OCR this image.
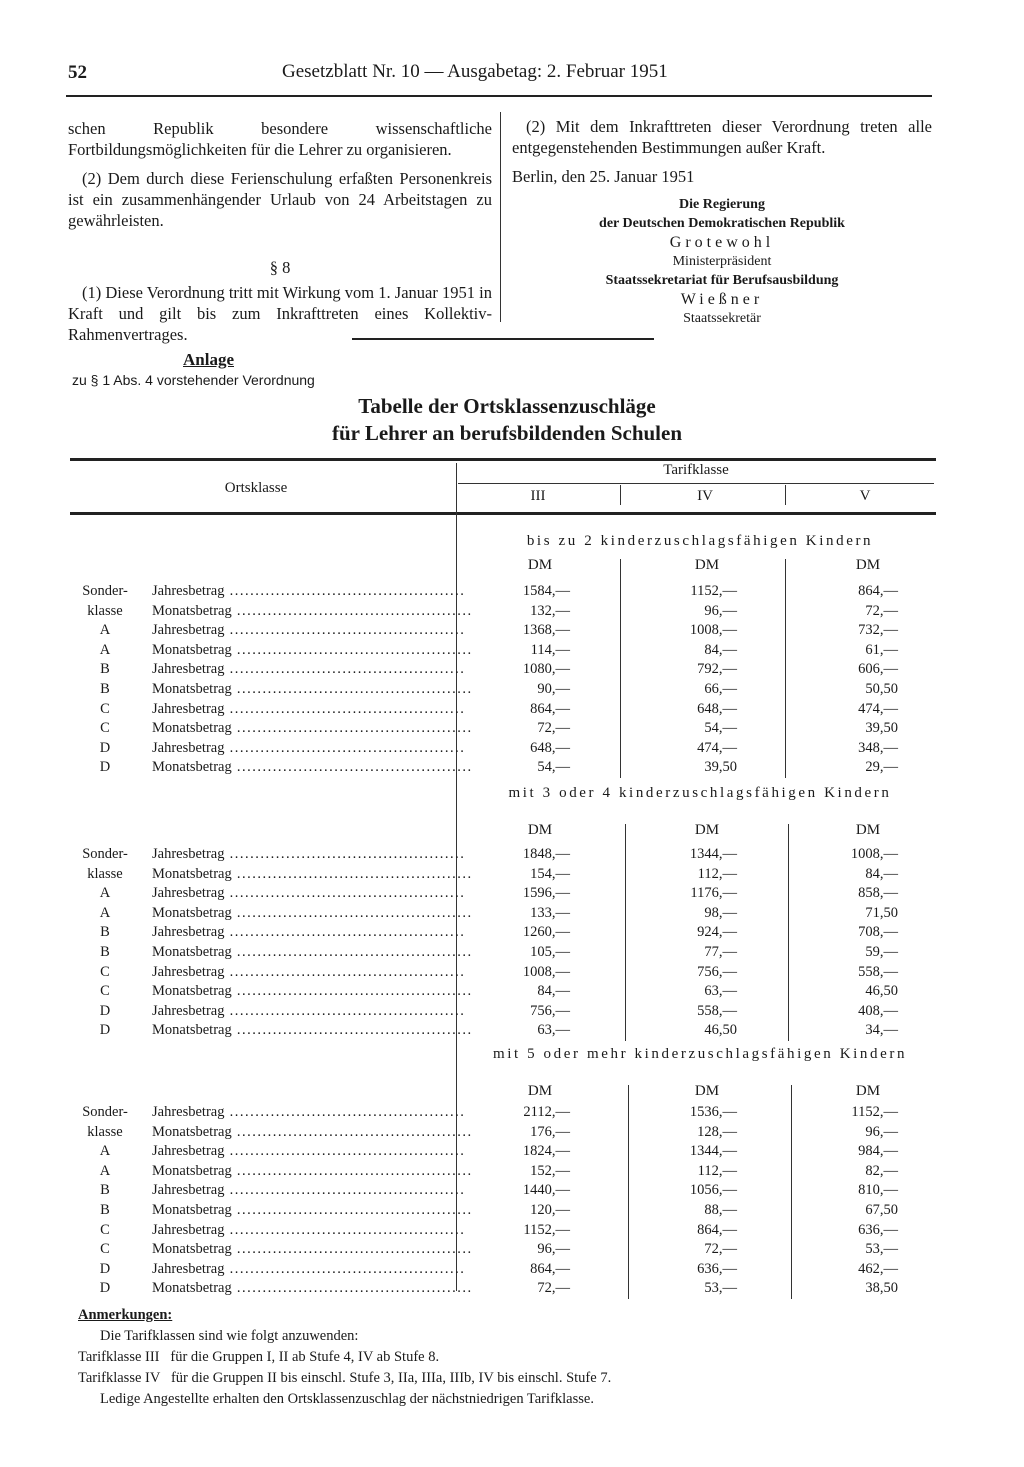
52	Gesetzblatt Nr. 10 — Ausgabetag: 2. Februar 1951

schen Republik besondere wissenschaftliche Fortbildungsmöglichkeiten für die Lehrer zu organisieren.

(2) Dem durch diese Ferienschulung erfaßten Personenkreis ist ein zusammenhängender Urlaub von 24 Arbeitstagen zu gewährleisten.

§ 8

(1) Diese Verordnung tritt mit Wirkung vom 1. Januar 1951 in Kraft und gilt bis zum Inkrafttreten eines Kollektiv-Rahmenvertrages.

(2) Mit dem Inkrafttreten dieser Verordnung treten alle entgegenstehenden Bestimmungen außer Kraft.

Berlin, den 25. Januar 1951

Die Regierung
der Deutschen Demokratischen Republik
Grotewohl
Ministerpräsident
Staatssekretariat für Berufsausbildung
Wießner
Staatssekretär
Anlage
zu § 1 Abs. 4 vorstehender Verordnung
Tabelle der Ortsklassenzuschläge
für Lehrer an berufsbildenden Schulen
Ortsklasse
Tarifklasse
III	IV	V
bis zu 2 kinderzuschlagsfähigen Kindern
DM	DM	DM
Sonder-	Jahresbetrag ..............................................	1584,—	1152,—	864,—
klasse	Monatsbetrag ..............................................	132,—	96,—	72,—
A	Jahresbetrag ..............................................	1368,—	1008,—	732,—
A	Monatsbetrag ..............................................	114,—	84,—	61,—
B	Jahresbetrag ..............................................	1080,—	792,—	606,—
B	Monatsbetrag ..............................................	90,—	66,—	50,50
C	Jahresbetrag ..............................................	864,—	648,—	474,—
C	Monatsbetrag ..............................................	72,—	54,—	39,50
D	Jahresbetrag ..............................................	648,—	474,—	348,—
D	Monatsbetrag ..............................................	54,—	39,50	29,—
mit 3 oder 4 kinderzuschlagsfähigen Kindern
DM	DM	DM
Sonder-	Jahresbetrag ..............................................	1848,—	1344,—	1008,—
klasse	Monatsbetrag ..............................................	154,—	112,—	84,—
A	Jahresbetrag ..............................................	1596,—	1176,—	858,—
A	Monatsbetrag ..............................................	133,—	98,—	71,50
B	Jahresbetrag ..............................................	1260,—	924,—	708,—
B	Monatsbetrag ..............................................	105,—	77,—	59,—
C	Jahresbetrag ..............................................	1008,—	756,—	558,—
C	Monatsbetrag ..............................................	84,—	63,—	46,50
D	Jahresbetrag ..............................................	756,—	558,—	408,—
D	Monatsbetrag ..............................................	63,—	46,50	34,—
mit 5 oder mehr kinderzuschlagsfähigen Kindern
DM	DM	DM
Sonder-	Jahresbetrag ..............................................	2112,—	1536,—	1152,—
klasse	Monatsbetrag ..............................................	176,—	128,—	96,—
A	Jahresbetrag ..............................................	1824,—	1344,—	984,—
A	Monatsbetrag ..............................................	152,—	112,—	82,—
B	Jahresbetrag ..............................................	1440,—	1056,—	810,—
B	Monatsbetrag ..............................................	120,—	88,—	67,50
C	Jahresbetrag ..............................................	1152,—	864,—	636,—
C	Monatsbetrag ..............................................	96,—	72,—	53,—
D	Jahresbetrag ..............................................	864,—	636,—	462,—
D	Monatsbetrag ..............................................	72,—	53,—	38,50
Anmerkungen:
Die Tarifklassen sind wie folgt anzuwenden:
Tarifklasse III   für die Gruppen I, II ab Stufe 4, IV ab Stufe 8.
Tarifklasse IV   für die Gruppen II bis einschl. Stufe 3, IIa, IIIa, IIIb, IV bis einschl. Stufe 7.
Ledige Angestellte erhalten den Ortsklassenzuschlag der nächstniedrigen Tarifklasse.
